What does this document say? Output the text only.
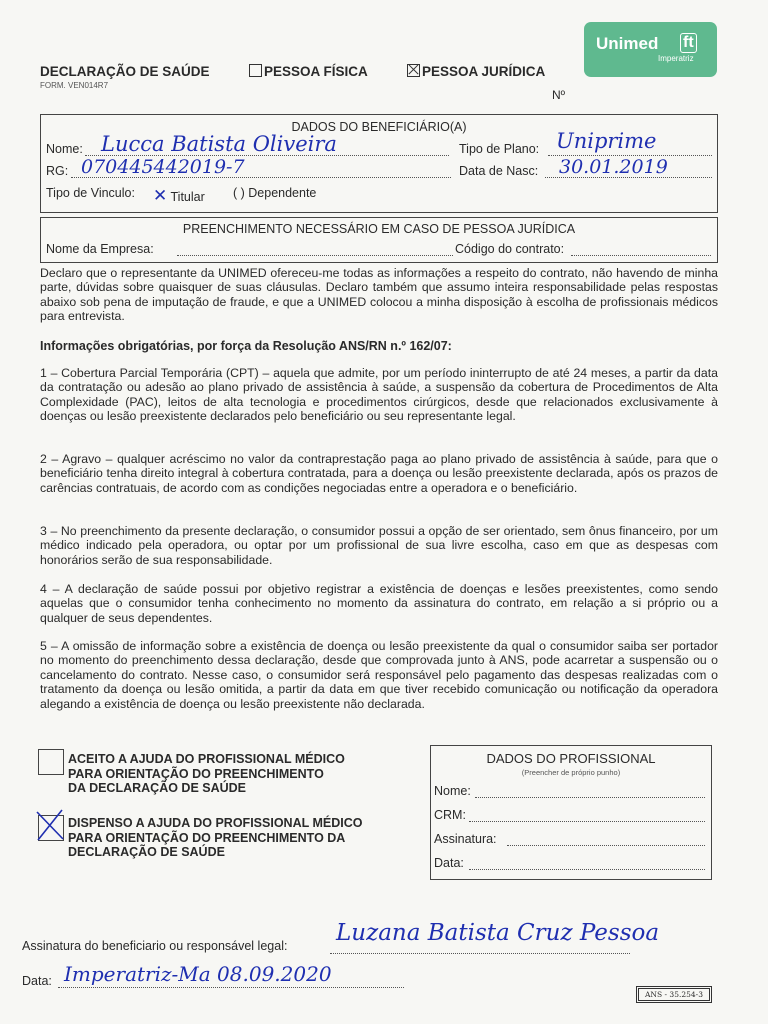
Unimed ft
Imperatriz
DECLARAÇÃO DE SAÚDE	PESSOA FÍSICA	PESSOA JURÍDICA
FORM. VEN014R7
Nº
DADOS DO BENEFICIÁRIO(A)
Nome: Lucca Batista Oliveira	Tipo de Plano: Uniprime
RG: 070445442019-7	Data de Nasc: 30.01.2019
Tipo de Vinculo: ✕ Titular ( ) Dependente
PREENCHIMENTO NECESSÁRIO EM CASO DE PESSOA JURÍDICA
Nome da Empresa:	Código do contrato:
Declaro que o representante da UNIMED ofereceu-me todas as informações a respeito do contrato, não havendo de minha parte, dúvidas sobre quaisquer de suas cláusulas. Declaro também que assumo inteira responsabilidade pelas respostas abaixo sob pena de imputação de fraude, e que a UNIMED colocou a minha disposição à escolha de profissionais médicos para entrevista.
Informações obrigatórias, por força da Resolução ANS/RN n.º 162/07:
1 – Cobertura Parcial Temporária (CPT) – aquela que admite, por um período ininterrupto de até 24 meses, a partir da data da contratação ou adesão ao plano privado de assistência à saúde, a suspensão da cobertura de Procedimentos de Alta Complexidade (PAC), leitos de alta tecnologia e procedimentos cirúrgicos, desde que relacionados exclusivamente à doenças ou lesão preexistente declarados pelo beneficiário ou seu representante legal.
2 – Agravo – qualquer acréscimo no valor da contraprestação paga ao plano privado de assistência à saúde, para que o beneficiário tenha direito integral à cobertura contratada, para a doença ou lesão preexistente declarada, após os prazos de carências contratuais, de acordo com as condições negociadas entre a operadora e o beneficiário.
3 – No preenchimento da presente declaração, o consumidor possui a opção de ser orientado, sem ônus financeiro, por um médico indicado pela operadora, ou optar por um profissional de sua livre escolha, caso em que as despesas com honorários serão de sua responsabilidade.
4 – A declaração de saúde possui por objetivo registrar a existência de doenças e lesões preexistentes, como sendo aquelas que o consumidor tenha conhecimento no momento da assinatura do contrato, em relação a si próprio ou a qualquer de seus dependentes.
5 – A omissão de informação sobre a existência de doença ou lesão preexistente da qual o consumidor saiba ser portador no momento do preenchimento dessa declaração, desde que comprovada junto à ANS, pode acarretar a suspensão ou o cancelamento do contrato. Nesse caso, o consumidor será responsável pelo pagamento das despesas realizadas com o tratamento da doença ou lesão omitida, a partir da data em que tiver recebido comunicação ou notificação da operadora alegando a existência de doença ou lesão preexistente não declarada.
ACEITO A AJUDA DO PROFISSIONAL MÉDICO
PARA ORIENTAÇÃO DO PREENCHIMENTO
DA DECLARAÇÃO DE SAÚDE
DISPENSO A AJUDA DO PROFISSIONAL MÉDICO
PARA ORIENTAÇÃO DO PREENCHIMENTO DA
DECLARAÇÃO DE SAÚDE
DADOS DO PROFISSIONAL
(Preencher de próprio punho)
Nome:
CRM:
Assinatura:
Data:
Assinatura do beneficiario ou responsável legal: Luzana Batista Cruz Pessoa
Data: Imperatriz-Ma 08.09.2020
ANS - 35.254-3
